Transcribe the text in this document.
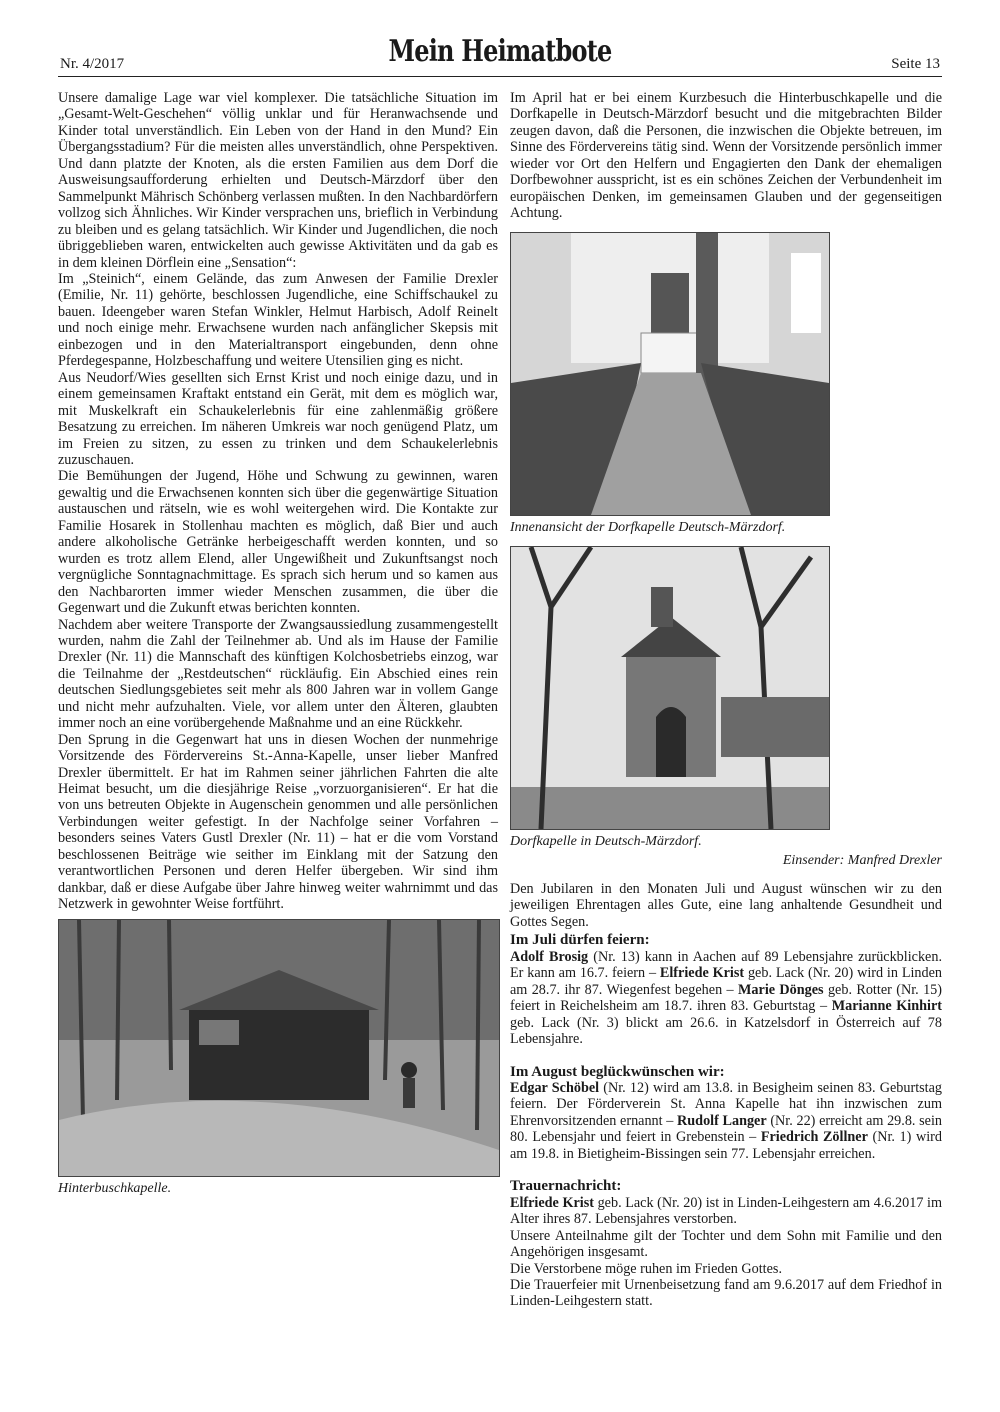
Nr. 4/2017	Mein Heimatbote	Seite 13

Unsere damalige Lage war viel komplexer. Die tatsächliche Situation im „Gesamt-Welt-Geschehen“ völlig unklar und für Heranwachsende und Kinder total unverständlich. Ein Leben von der Hand in den Mund? Ein Übergangsstadium? Für die meisten alles unverständlich, ohne Perspektiven. Und dann platzte der Knoten, als die ersten Familien aus dem Dorf die Ausweisungsaufforderung erhielten und Deutsch-Märzdorf über den Sammelpunkt Mährisch Schönberg verlassen mußten. In den Nachbardörfern vollzog sich Ähnliches. Wir Kinder versprachen uns, brieflich in Verbindung zu bleiben und es gelang tatsächlich. Wir Kinder und Jugendlichen, die noch übriggeblieben waren, entwickelten auch gewisse Aktivitäten und da gab es in dem kleinen Dörflein eine „Sensation“:

Im „Steinich“, einem Gelände, das zum Anwesen der Familie Drexler (Emilie, Nr. 11) gehörte, beschlossen Jugendliche, eine Schiffschaukel zu bauen. Ideengeber waren Stefan Winkler, Helmut Harbisch, Adolf Reinelt und noch einige mehr. Erwachsene wurden nach anfänglicher Skepsis mit einbezogen und in den Materialtransport eingebunden, denn ohne Pferdegespanne, Holzbeschaffung und weitere Utensilien ging es nicht.

Aus Neudorf/Wies gesellten sich Ernst Krist und noch einige dazu, und in einem gemeinsamen Kraftakt entstand ein Gerät, mit dem es möglich war, mit Muskelkraft ein Schaukelerlebnis für eine zahlenmäßig größere Besatzung zu erreichen. Im näheren Umkreis war noch genügend Platz, um im Freien zu sitzen, zu essen zu trinken und dem Schaukelerlebnis zuzuschauen.

Die Bemühungen der Jugend, Höhe und Schwung zu gewinnen, waren gewaltig und die Erwachsenen konnten sich über die gegenwärtige Situation austauschen und rätseln, wie es wohl weitergehen wird. Die Kontakte zur Familie Hosarek in Stollenhau machten es möglich, daß Bier und auch andere alkoholische Getränke herbeigeschafft werden konnten, und so wurden es trotz allem Elend, aller Ungewißheit und Zukunftsangst noch vergnügliche Sonntagnachmittage. Es sprach sich herum und so kamen aus den Nachbarorten immer wieder Menschen zusammen, die über die Gegenwart und die Zukunft etwas berichten konnten.

Nachdem aber weitere Transporte der Zwangsaussiedlung zusammengestellt wurden, nahm die Zahl der Teilnehmer ab. Und als im Hause der Familie Drexler (Nr. 11) die Mannschaft des künftigen Kolchosbetriebs einzog, war die Teilnahme der „Restdeutschen“ rückläufig. Ein Abschied eines rein deutschen Siedlungsgebietes seit mehr als 800 Jahren war in vollem Gange und nicht mehr aufzuhalten. Viele, vor allem unter den Älteren, glaubten immer noch an eine vorübergehende Maßnahme und an eine Rückkehr.

Den Sprung in die Gegenwart hat uns in diesen Wochen der nunmehrige Vorsitzende des Fördervereins St.-Anna-Kapelle, unser lieber Manfred Drexler übermittelt. Er hat im Rahmen seiner jährlichen Fahrten die alte Heimat besucht, um die diesjährige Reise „vorzuorganisieren“. Er hat die von uns betreuten Objekte in Augenschein genommen und alle persönlichen Verbindungen weiter gefestigt. In der Nachfolge seiner Vorfahren – besonders seines Vaters Gustl Drexler (Nr. 11) – hat er die vom Vorstand beschlossenen Beiträge wie seither im Einklang mit der Satzung den verantwortlichen Personen und deren Helfer übergeben. Wir sind ihm dankbar, daß er diese Aufgabe über Jahre hinweg weiter wahrnimmt und das Netzwerk in gewohnter Weise fortführt.

Hinterbuschkapelle.

Im April hat er bei einem Kurzbesuch die Hinterbuschkapelle und die Dorfkapelle in Deutsch-Märzdorf besucht und die mitgebrachten Bilder zeugen davon, daß die Personen, die inzwischen die Objekte betreuen, im Sinne des Fördervereins tätig sind. Wenn der Vorsitzende persönlich immer wieder vor Ort den Helfern und Engagierten den Dank der ehemaligen Dorfbewohner ausspricht, ist es ein schönes Zeichen der Verbundenheit im europäischen Denken, im gemeinsamen Glauben und der gegenseitigen Achtung.

Innenansicht der Dorfkapelle Deutsch-Märzdorf.
Dorfkapelle in Deutsch-Märzdorf.
Einsender: Manfred Drexler

Den Jubilaren in den Monaten Juli und August wünschen wir zu den jeweiligen Ehrentagen alles Gute, eine lang anhaltende Gesundheit und Gottes Segen.

Im Juli dürfen feiern:

Adolf Brosig (Nr. 13) kann in Aachen auf 89 Lebensjahre zurückblicken. Er kann am 16.7. feiern – Elfriede Krist geb. Lack (Nr. 20) wird in Linden am 28.7. ihr 87. Wiegenfest begehen – Marie Dönges geb. Rotter (Nr. 15) feiert in Reichelsheim am 18.7. ihren 83. Geburtstag – Marianne Kinhirt geb. Lack (Nr. 3) blickt am 26.6. in Katzelsdorf in Österreich auf 78 Lebensjahre.

Im August beglückwünschen wir:

Edgar Schöbel (Nr. 12) wird am 13.8. in Besigheim seinen 83. Geburtstag feiern. Der Förderverein St. Anna Kapelle hat ihn inzwischen zum Ehrenvorsitzenden ernannt – Rudolf Langer (Nr. 22) erreicht am 29.8. sein 80. Lebensjahr und feiert in Grebenstein – Friedrich Zöllner (Nr. 1) wird am 19.8. in Bietigheim-Bissingen sein 77. Lebensjahr erreichen.

Trauernachricht:

Elfriede Krist geb. Lack (Nr. 20) ist in Linden-Leihgestern am 4.6.2017 im Alter ihres 87. Lebensjahres verstorben.

Unsere Anteilnahme gilt der Tochter und dem Sohn mit Familie und den Angehörigen insgesamt.

Die Verstorbene möge ruhen im Frieden Gottes.

Die Trauerfeier mit Urnenbeisetzung fand am 9.6.2017 auf dem Friedhof in Linden-Leihgestern statt.
